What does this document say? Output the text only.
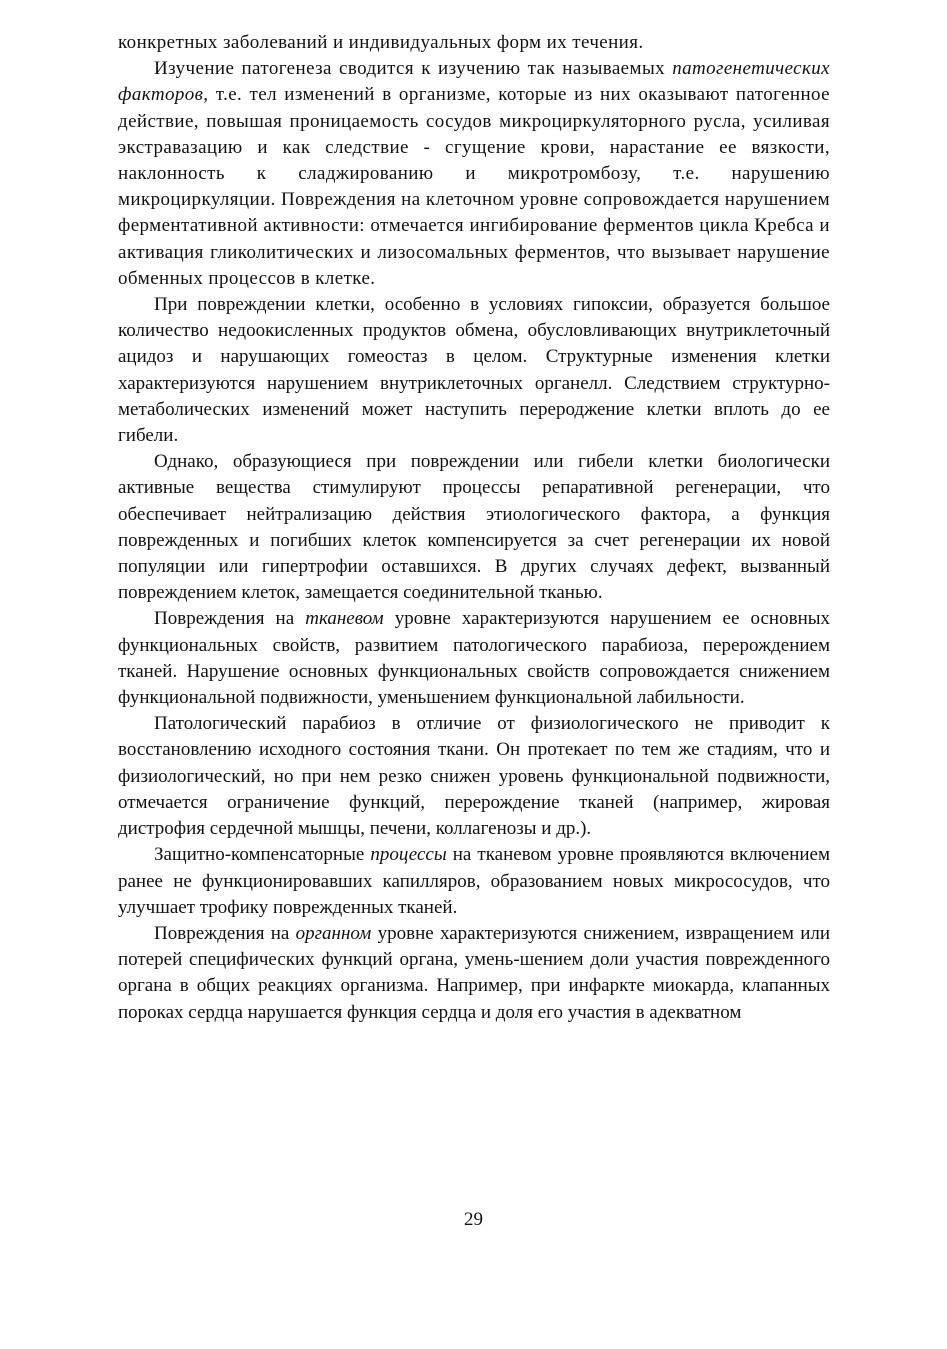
конкретных заболеваний и индивидуальных форм их течения.

Изучение патогенеза сводится к изучению так называемых патогенетических факторов, т.е. тел изменений в организме, которые из них оказывают патогенное действие, повышая проницаемость сосудов микроциркуляторного русла, усиливая экстравазацию и как следствие - сгущение крови, нарастание ее вязкости, наклонность к сладжированию и микротромбозу, т.е. нарушению микроциркуляции. Повреждения на клеточном уровне сопровождается нарушением ферментативной активности: отмечается ингибирование ферментов цикла Кребса и активация гликолитических и лизосомальных ферментов, что вызывает нарушение обменных процессов в клетке.

При повреждении клетки, особенно в условиях гипоксии, образуется большое количество недоокисленных продуктов обмена, обусловливающих внутриклеточный ацидоз и нарушающих гомеостаз в целом. Структурные изменения клетки характеризуются нарушением внутриклеточных органелл. Следствием структурно-метаболических изменений может наступить перероджение клетки вплоть до ее гибели.

Однако, образующиеся при повреждении или гибели клетки биологически активные вещества стимулируют процессы репаративной регенерации, что обеспечивает нейтрализацию действия этиологического фактора, а функция поврежденных и погибших клеток компенсируется за счет регенерации их новой популяции или гипертрофии оставшихся. В других случаях дефект, вызванный повреждением клеток, замещается соединительной тканью.

Повреждения на тканевом уровне характеризуются нарушением ее основных функциональных свойств, развитием патологического парабиоза, перерождением тканей. Нарушение основных функциональных свойств сопровождается снижением функциональной подвижности, уменьшением функциональной лабильности.

Патологический парабиоз в отличие от физиологического не приводит к восстановлению исходного состояния ткани. Он протекает по тем же стадиям, что и физиологический, но при нем резко снижен уровень функциональной подвижности, отмечается ограничение функций, перерождение тканей (например, жировая дистрофия сердечной мышцы, печени, коллагенозы и др.).

Защитно-компенсаторные процессы на тканевом уровне проявляются включением ранее не функционировавших капилляров, образованием новых микрососудов, что улучшает трофику поврежденных тканей.

Повреждения на органном уровне характеризуются снижением, извращением или потерей специфических функций органа, умень-шением доли участия поврежденного органа в общих реакциях организма. Например, при инфаркте миокарда, клапанных пороках сердца нарушается функция сердца и доля его участия в адекватном

29
